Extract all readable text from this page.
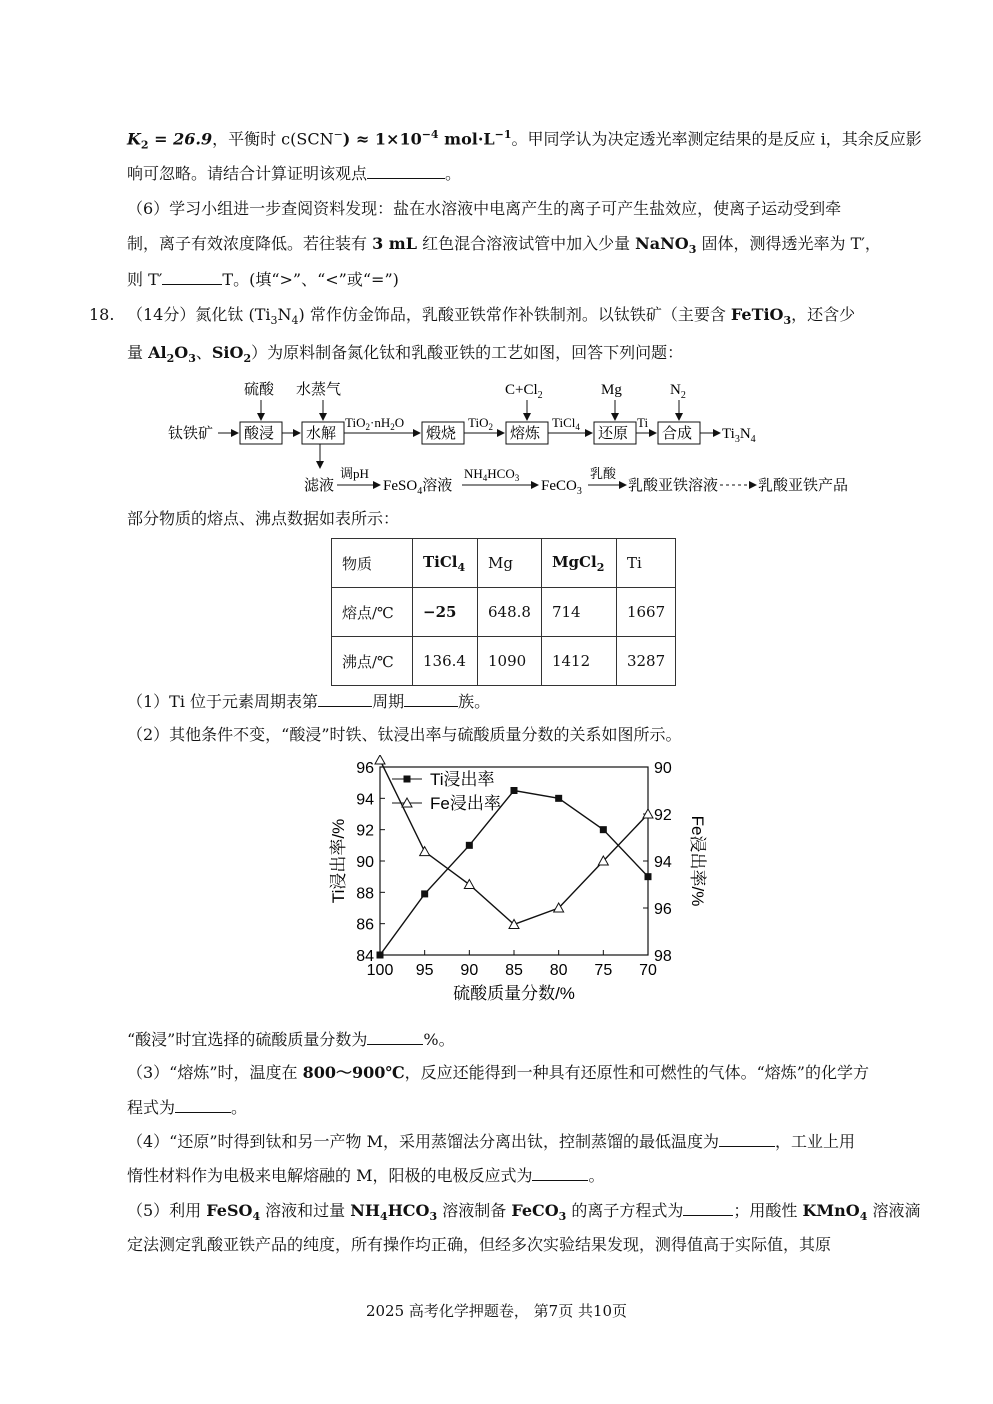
$K_2 = 26.9$，平衡时 $c(SCN^-) \approx 1\times 10^{-4}$ $mol\cdot L^{-1}$。甲同学认为决定透光率测定结果的是反应 i，其余反应影
响可忽略。请结合计算证明该观点	。
（6）学习小组进一步查阅资料发现：盐在水溶液中电离产生的离子可产生盐效应，使离子运动受到牵
制，离子有效浓度降低。若往装有 3 mL 红色混合溶液试管中加入少量 NaNO$_3$ 固体，测得透光率为 T′，
则 T′	T。(填“>”、“<”或“=”)
18. （14分）氮化钛 $(Ti_3N_4)$ 常作仿金饰品，乳酸亚铁常作补铁制剂。以钛铁矿（主要含 FeTiO$_3$，还含少
量 $Al_2O_3$、SiO$_2$）为原料制备氮化钛和乳酸亚铁的工艺如图，回答下列问题：
钛铁矿 酸浸 水解
$TiO_2\cdot nH_2O$
煅烧
TiO$_2$ 熔炼
TiCl$_4$ 还原
Ti
合成 $Ti_3N_4$
硫酸 水蒸气	$C+Cl_2$	Mg	$N_2$
滤液
调pH
FeSO$_4$溶液
$NH_4HCO_3$ FeCO$_3$
乳酸
乳酸亚铁溶液	乳酸亚铁产品
部分物质的熔点、沸点数据如表所示：
物质	TiCl$_4$	Mg	MgCl$_2$	Ti
熔点/℃	−25	648.8	714	1667
沸点/℃	136.4	1090	1412	3287
（1）Ti 位于元素周期表第	周期	族。
（2）其他条件不变，“酸浸”时铁、钛浸出率与硫酸质量分数的关系如图所示。
100 95 90 85 80 75 70
硫酸质量分数/%
84
86
88
90
92
94
96	90
92
94
96
98
Ti浸出率/%	Fe浸出率/%
Ti浸出率
Fe浸出率
“酸浸”时宜选择的硫酸质量分数为	%。
（3）“熔炼”时，温度在 800～900℃，反应还能得到一种具有还原性和可燃性的气体。“熔炼”的化学方
程式为	。
（4）“还原”时得到钛和另一产物 M，采用蒸馏法分离出钛，控制蒸馏的最低温度为	，工业上用
惰性材料作为电极来电解熔融的 M，阳极的电极反应式为	。
（5）利用 FeSO$_4$ 溶液和过量 $NH_4HCO_3$ 溶液制备 FeCO$_3$ 的离子方程式为	；用酸性 KMnO$_4$ 溶液滴
定法测定乳酸亚铁产品的纯度，所有操作均正确，但经多次实验结果发现，测得值高于实际值，其原
2025 高考化学押题卷， 第7页 共10页
